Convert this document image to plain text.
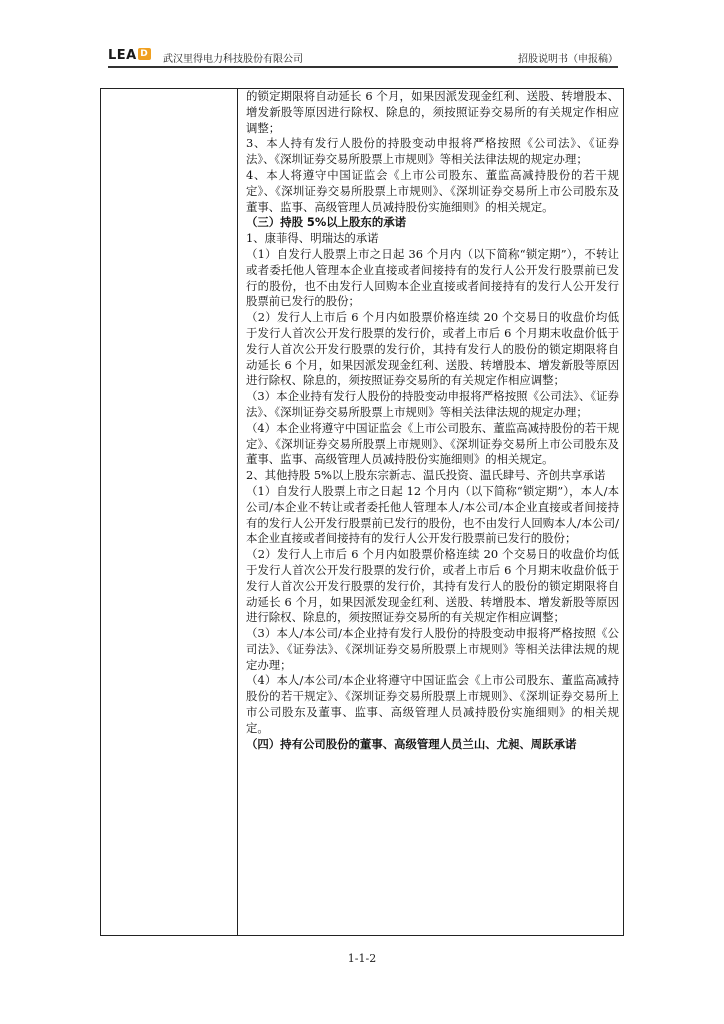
LEA D 武汉里得电力科技股份有限公司	招股说明书（申报稿）

的锁定期限将自动延长 6 个月，如果因派发现金红利、送股、转增股本、增发新股等原因进行除权、除息的，须按照证券交易所的有关规定作相应调整；

3、本人持有发行人股份的持股变动申报将严格按照《公司法》、《证券法》、《深圳证券交易所股票上市规则》等相关法律法规的规定办理；

4、本人将遵守中国证监会《上市公司股东、董监高减持股份的若干规定》、《深圳证券交易所股票上市规则》、《深圳证券交易所上市公司股东及董事、监事、高级管理人员减持股份实施细则》的相关规定。

（三）持股 5%以上股东的承诺

1、康菲得、明瑞达的承诺

（1）自发行人股票上市之日起 36 个月内（以下简称“锁定期”），不转让或者委托他人管理本企业直接或者间接持有的发行人公开发行股票前已发行的股份，也不由发行人回购本企业直接或者间接持有的发行人公开发行股票前已发行的股份；

（2）发行人上市后 6 个月内如股票价格连续 20 个交易日的收盘价均低于发行人首次公开发行股票的发行价，或者上市后 6 个月期末收盘价低于发行人首次公开发行股票的发行价，其持有发行人的股份的锁定期限将自动延长 6 个月，如果因派发现金红利、送股、转增股本、增发新股等原因进行除权、除息的，须按照证券交易所的有关规定作相应调整；

（3）本企业持有发行人股份的持股变动申报将严格按照《公司法》、《证券法》、《深圳证券交易所股票上市规则》等相关法律法规的规定办理；

（4）本企业将遵守中国证监会《上市公司股东、董监高减持股份的若干规定》、《深圳证券交易所股票上市规则》、《深圳证券交易所上市公司股东及董事、监事、高级管理人员减持股份实施细则》的相关规定。

2、其他持股 5%以上股东宗新志、温氏投资、温氏肆号、齐创共享承诺

（1）自发行人股票上市之日起 12 个月内（以下简称“锁定期”），本人/本公司/本企业不转让或者委托他人管理本人/本公司/本企业直接或者间接持有的发行人公开发行股票前已发行的股份，也不由发行人回购本人/本公司/本企业直接或者间接持有的发行人公开发行股票前已发行的股份；

（2）发行人上市后 6 个月内如股票价格连续 20 个交易日的收盘价均低于发行人首次公开发行股票的发行价，或者上市后 6 个月期末收盘价低于发行人首次公开发行股票的发行价，其持有发行人的股份的锁定期限将自动延长 6 个月，如果因派发现金红利、送股、转增股本、增发新股等原因进行除权、除息的，须按照证券交易所的有关规定作相应调整；

（3）本人/本公司/本企业持有发行人股份的持股变动申报将严格按照《公司法》、《证券法》、《深圳证券交易所股票上市规则》等相关法律法规的规定办理；

（4）本人/本公司/本企业将遵守中国证监会《上市公司股东、董监高减持股份的若干规定》、《深圳证券交易所股票上市规则》、《深圳证券交易所上市公司股东及董事、监事、高级管理人员减持股份实施细则》的相关规定。

（四）持有公司股份的董事、高级管理人员兰山、尤昶、周跃承诺

1-1-2
